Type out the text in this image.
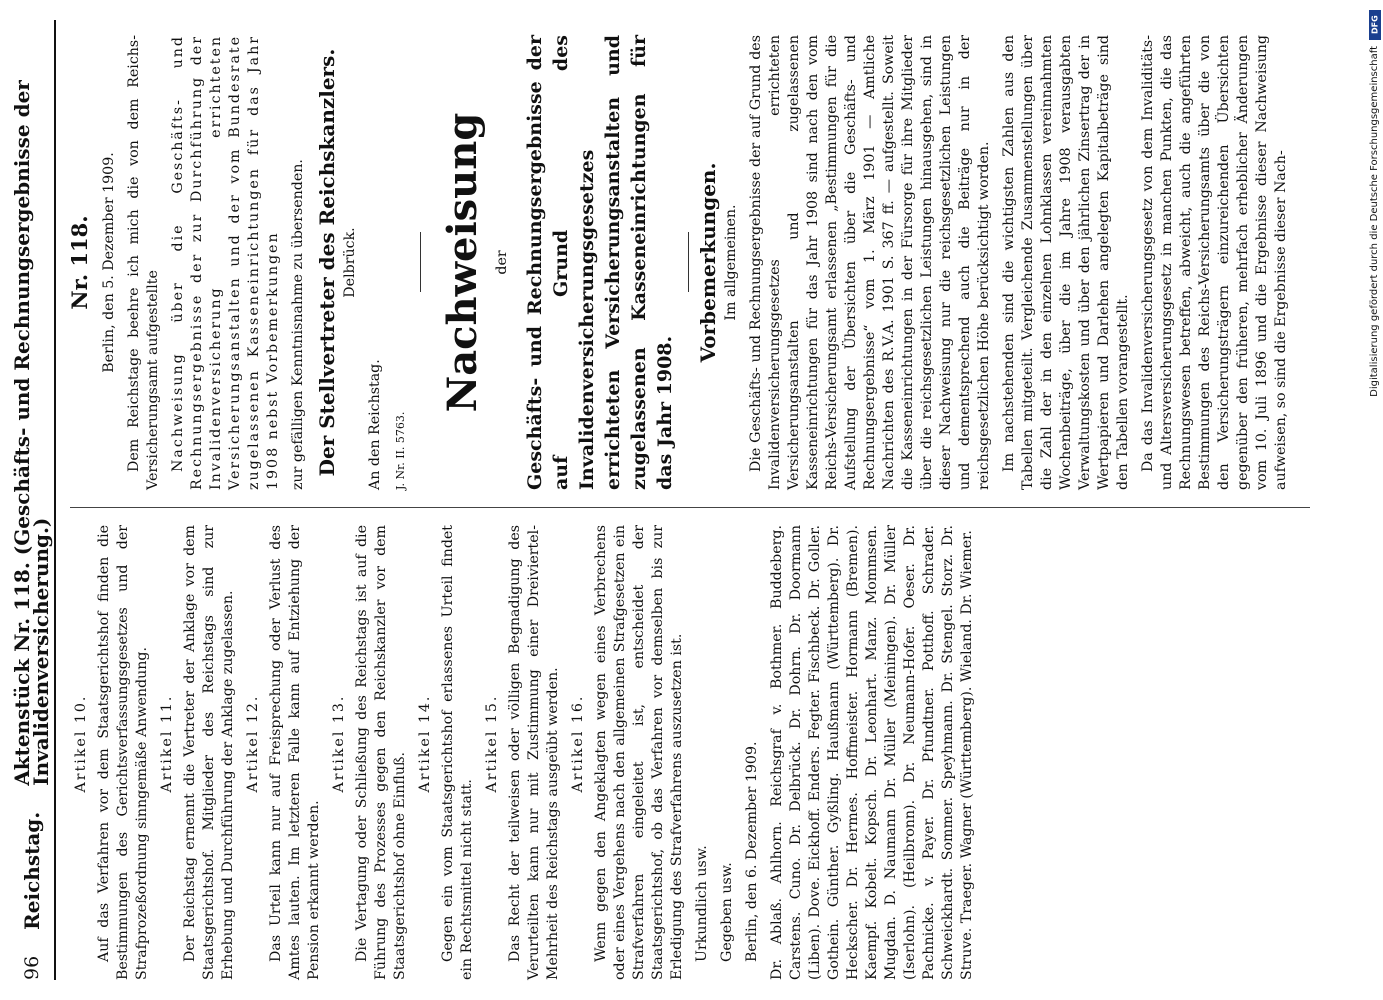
96
Reichstag.
Aktenstück Nr. 118. (Geschäfts- und Rechnungsergebnisse der Invalidenversicherung.) Artikel 10. Auf das Verfahren vor dem Staatsgerichtshof finden die Bestimmungen des Gerichtsverfassungsgesetzes und der Strafprozeßordnung sinngemäße Anwendung. Artikel 11. Der Reichstag ernennt die Vertreter der Anklage vor dem Staatsgerichtshof. Mitglieder des Reichstags sind zur Erhebung und Durchführung der Anklage zugelassen. Artikel 12. Das Urteil kann nur auf Freisprechung oder Verlust des Amtes lauten. Im letzteren Falle kann auf Entziehung der Pension erkannt werden.

Artikel 13. Die Vertagung oder Schließung des Reichstags ist auf die Führung des Prozesses gegen den Reichskanzler vor dem Staatsgerichtshof ohne Einfluß.

Artikel 14. Gegen ein vom Staatsgerichtshof erlassenes Urteil findet ein Rechtsmittel nicht statt.

Artikel 15. Das Recht der teilweisen oder völligen Begnadigung des Verurteilten kann nur mit Zustimmung einer Dreiviertel-Mehrheit des Reichstags ausgeübt werden. Artikel 16. Wenn gegen den Angeklagten wegen eines Verbrechens oder eines Vergehens nach den allgemeinen Strafgesetzen ein Strafverfahren eingeleitet ist, entscheidet der Staatsgerichtshof, ob das Verfahren vor demselben bis zur Erledigung des Strafverfahrens auszusetzen ist. Urkundlich usw. Gegeben usw. Berlin, den 6. Dezember 1909. Dr. Ablaß. Ahlhorn. Reichsgraf v. Bothmer. Buddeberg. Carstens. Cuno. Dr. Delbrück. Dr. Dohrn. Dr. Doormann (Liben). Dove. Eickhoff. Enders. Fegter. Fischbeck. Dr. Goller. Gothein. Günther. Gyßling. Haußmann (Württemberg). Dr. Heckscher. Dr. Hermes. Hoffmeister. Hormann (Bremen). Kaempf. Kobelt. Kopsch. Dr. Leonhart. Manz. Mommsen. Mugdan. D. Naumann Dr. Müller (Meiningen). Dr. Müller (Iserlohn). (Heilbronn). Dr. Neumann-Hofer. Oeser. Dr. Pachnicke. v. Payer. Dr. Pfundtner. Potthoff. Schrader. Schweickhardt. Sommer. Speyhmann. Dr. Stengel. Storz. Dr. Struve. Traeger. Wagner (Württemberg). Wieland. Dr. Wiemer.

Nr. 118. Berlin, den 5. Dezember 1909. Dem Reichstage beehre ich mich die von dem Reichs-Versicherungsamt aufgestellte Nachweisung über die Geschäfts- und Rechnungsergebnisse der zur Durchführung der Invalidenversicherung errichteten Versicherungsanstalten und der vom Bundesrate zugelassenen Kasseneinrichtungen für das Jahr 1908 nebst Vorbemerkungen zur gefälligen Kenntnisnahme zu übersenden. Der Stellvertreter des Reichskanzlers. Delbrück.

An den Reichstag. J. Nr. II. 5763.

Nachweisung der Geschäfts- und Rechnungsergebnisse der auf Grund des Invalidenversicherungsgesetzes errichteten Versicherungsanstalten und zugelassenen Kasseneinrichtungen für das Jahr 1908.

Vorbemerkungen. Im allgemeinen. Die Geschäfts- und Rechnungsergebnisse der auf Grund des Invalidenversicherungsgesetzes errichteten Versicherungsanstalten und zugelassenen Kasseneinrichtungen für das Jahr 1908 sind nach den vom Reichs-Versicherungsamt erlassenen „Bestimmungen für die Aufstellung der Übersichten über die Geschäfts- und Rechnungsergebnisse“ vom 1. März 1901 — Amtliche Nachrichten des R.V.A. 1901 S. 367 ff. — aufgestellt. Soweit die Kasseneinrichtungen in der Fürsorge für ihre Mitglieder über die reichsgesetzlichen Leistungen hinausgehen, sind in dieser Nachweisung nur die reichsgesetzlichen Leistungen und dementsprechend auch die Beiträge nur in der reichsgesetzlichen Höhe berücksichtigt worden. Im nachstehenden sind die wichtigsten Zahlen aus den Tabellen mitgeteilt. Vergleichende Zusammenstellungen über die Zahl der in den einzelnen Lohnklassen vereinnahmten Wochenbeiträge, über die im Jahre 1908 verausgabten Verwaltungskosten und über den jährlichen Zinsertrag der in Wertpapieren und Darlehen angelegten Kapitalbeträge sind den Tabellen vorangestellt. Da das Invalidenversicherungsgesetz von dem Invaliditäts- und Altersversicherungsgesetz in manchen Punkten, die das Rechnungswesen betreffen, abweicht, auch die angeführten Bestimmungen des Reichs-Versicherungsamts über die von den Versicherungsträgern einzureichenden Übersichten gegenüber den früheren, mehrfach erheblicher Änderungen vom 10. Juli 1896 und die Ergebnisse dieser Nachweisung aufweisen, so sind die Ergebnisse dieser Nach-

DFG
Digitalisierung gefördert durch die Deutsche Forschungsgemeinschaft
